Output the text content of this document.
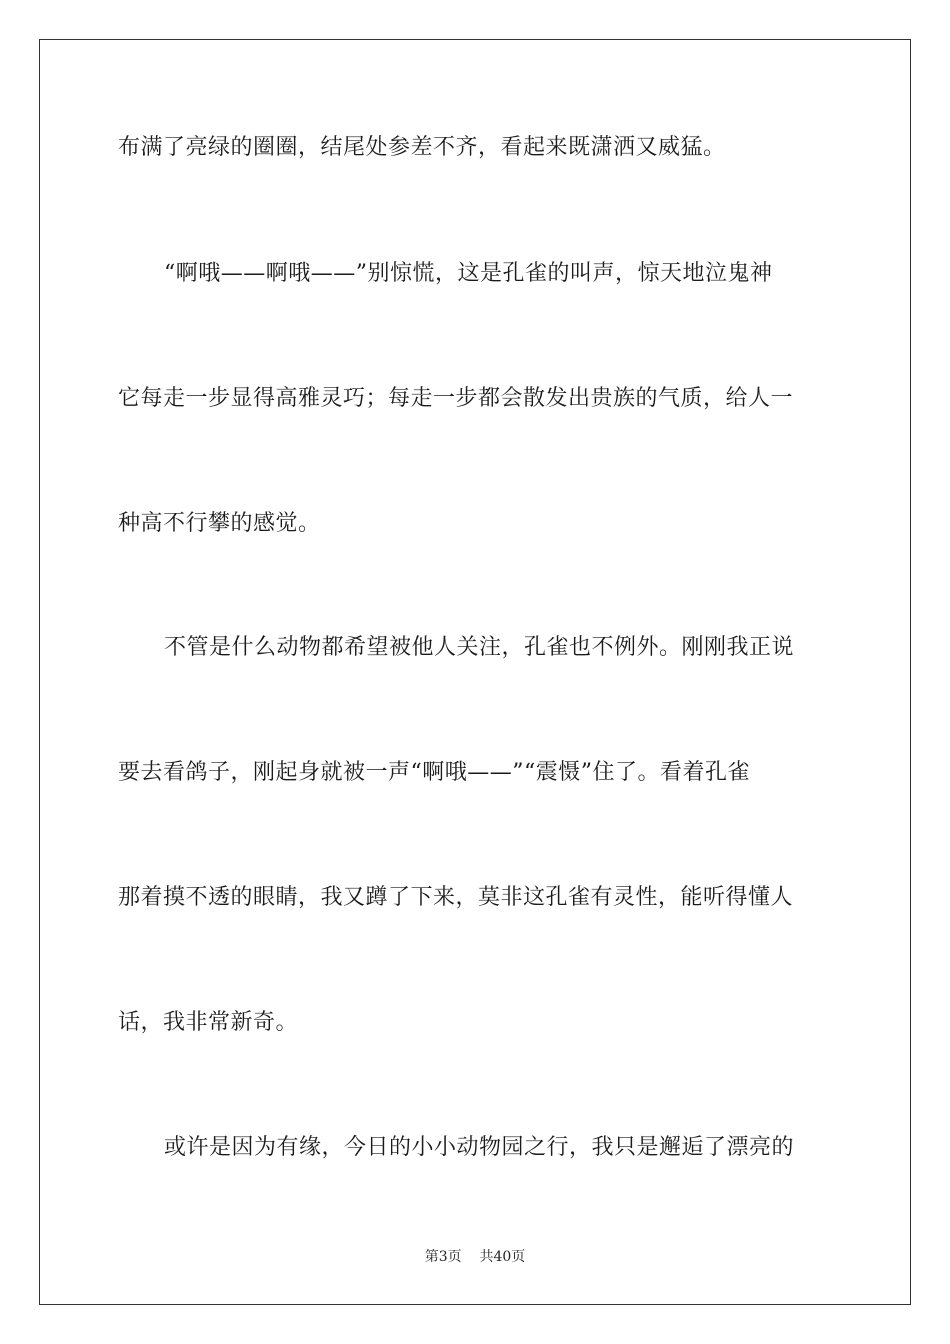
布满了亮绿的圈圈，结尾处参差不齐，看起来既潇洒又威猛。
“啊哦——啊哦——”别惊慌，这是孔雀的叫声，惊天地泣鬼神
它每走一步显得高雅灵巧；每走一步都会散发出贵族的气质，给人一
种高不行攀的感觉。
不管是什么动物都希望被他人关注，孔雀也不例外。刚刚我正说
要去看鸽子，刚起身就被一声“啊哦——”“震慑”住了。看着孔雀
那着摸不透的眼睛，我又蹲了下来，莫非这孔雀有灵性，能听得懂人
话，我非常新奇。
或许是因为有缘，今日的小小动物园之行，我只是邂逅了漂亮的
第3页 共40页
